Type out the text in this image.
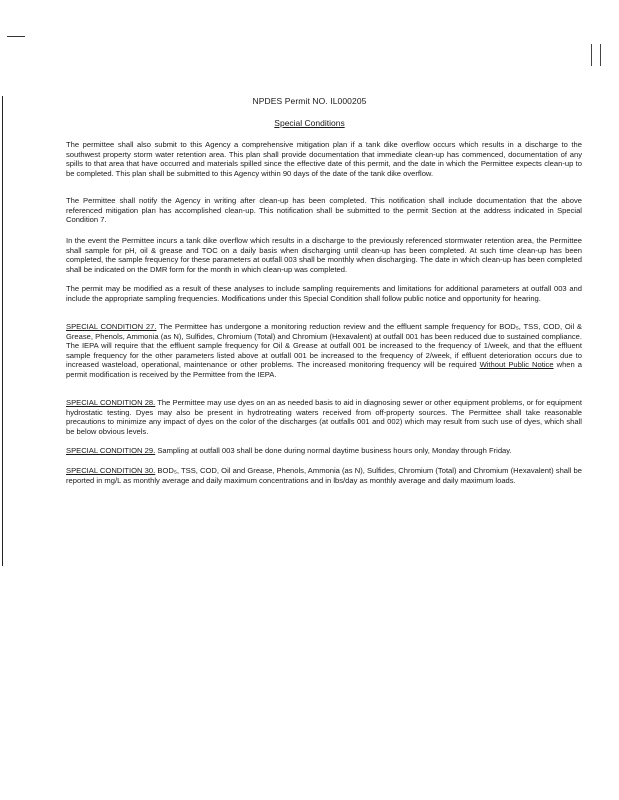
NPDES Permit NO. IL000205
Special Conditions

The permittee shall also submit to this Agency a comprehensive mitigation plan if a tank dike overflow occurs which results in a discharge to the southwest property storm water retention area. This plan shall provide documentation that immediate clean-up has commenced, documentation of any spills to that area that have occurred and materials spilled since the effective date of this permit, and the date in which the Permittee expects clean-up to be completed. This plan shall be submitted to this Agency within 90 days of the date of the tank dike overflow.

The Permittee shall notify the Agency in writing after clean-up has been completed. This notification shall include documentation that the above referenced mitigation plan has accomplished clean-up. This notification shall be submitted to the permit Section at the address indicated in Special Condition 7.

In the event the Permittee incurs a tank dike overflow which results in a discharge to the previously referenced stormwater retention area, the Permittee shall sample for pH, oil & grease and TOC on a daily basis when discharging until clean-up has been completed. At such time clean-up has been completed, the sample frequency for these parameters at outfall 003 shall be monthly when discharging. The date in which clean-up has been completed shall be indicated on the DMR form for the month in which clean-up was completed.

The permit may be modified as a result of these analyses to include sampling requirements and limitations for additional parameters at outfall 003 and include the appropriate sampling frequencies. Modifications under this Special Condition shall follow public notice and opportunity for hearing.

SPECIAL CONDITION 27. The Permittee has undergone a monitoring reduction review and the effluent sample frequency for BOD₅, TSS, COD, Oil & Grease, Phenols, Ammonia (as N), Sulfides, Chromium (Total) and Chromium (Hexavalent) at outfall 001 has been reduced due to sustained compliance. The IEPA will require that the effluent sample frequency for Oil & Grease at outfall 001 be increased to the frequency of 1/week, and that the effluent sample frequency for the other parameters listed above at outfall 001 be increased to the frequency of 2/week, if effluent deterioration occurs due to increased wasteload, operational, maintenance or other problems. The increased monitoring frequency will be required Without Public Notice when a permit modification is received by the Permittee from the IEPA.

SPECIAL CONDITION 28. The Permittee may use dyes on an as needed basis to aid in diagnosing sewer or other equipment problems, or for equipment hydrostatic testing. Dyes may also be present in hydrotreating waters received from off-property sources. The Permittee shall take reasonable precautions to minimize any impact of dyes on the color of the discharges (at outfalls 001 and 002) which may result from such use of dyes, which shall be below obvious levels.

SPECIAL CONDITION 29. Sampling at outfall 003 shall be done during normal daytime business hours only, Monday through Friday.

SPECIAL CONDITION 30. BOD₅, TSS, COD, Oil and Grease, Phenols, Ammonia (as N), Sulfides, Chromium (Total) and Chromium (Hexavalent) shall be reported in mg/L as monthly average and daily maximum concentrations and in lbs/day as monthly average and daily maximum loads.
